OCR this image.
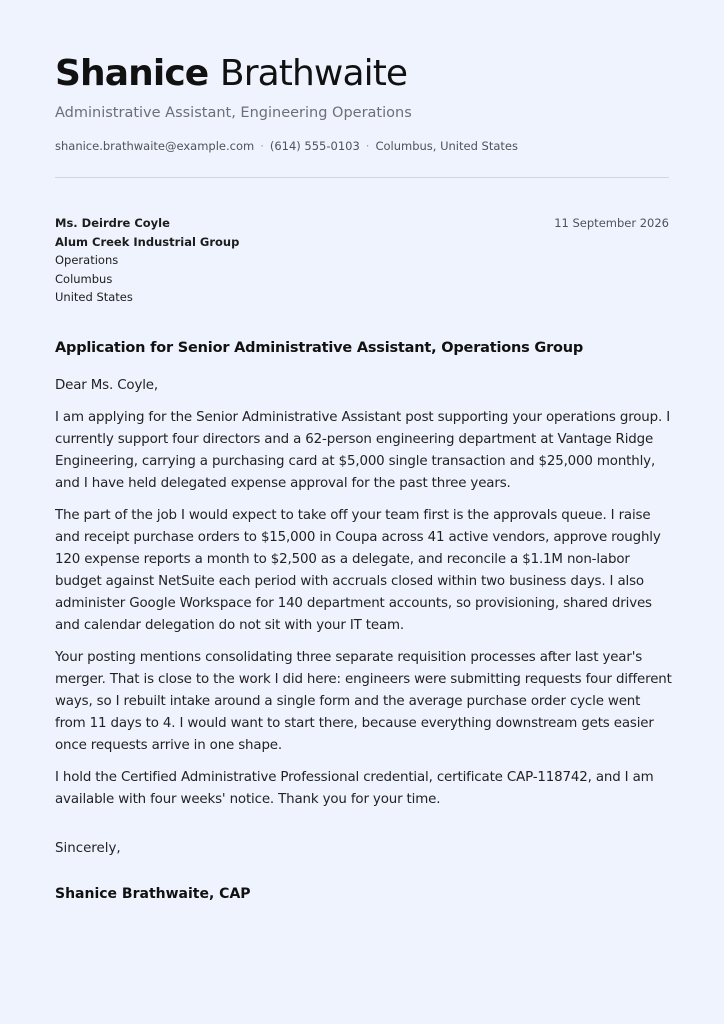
Shanice Brathwaite
Administrative Assistant, Engineering Operations
shanice.brathwaite@example.com · (614) 555-0103 · Columbus, United States
Ms. Deirdre Coyle
Alum Creek Industrial Group
Operations
Columbus
United States
11 September 2026
Application for Senior Administrative Assistant, Operations Group

Dear Ms. Coyle,

I am applying for the Senior Administrative Assistant post supporting your operations group. I currently support four directors and a 62-person engineering department at Vantage Ridge Engineering, carrying a purchasing card at $5,000 single transaction and $25,000 monthly, and I have held delegated expense approval for the past three years.

The part of the job I would expect to take off your team first is the approvals queue. I raise and receipt purchase orders to $15,000 in Coupa across 41 active vendors, approve roughly 120 expense reports a month to $2,500 as a delegate, and reconcile a $1.1M non-labor budget against NetSuite each period with accruals closed within two business days. I also administer Google Workspace for 140 department accounts, so provisioning, shared drives and calendar delegation do not sit with your IT team.

Your posting mentions consolidating three separate requisition processes after last year's merger. That is close to the work I did here: engineers were submitting requests four different ways, so I rebuilt intake around a single form and the average purchase order cycle went from 11 days to 4. I would want to start there, because everything downstream gets easier once requests arrive in one shape.

I hold the Certified Administrative Professional credential, certificate CAP-118742, and I am available with four weeks' notice. Thank you for your time.

Sincerely,
Shanice Brathwaite, CAP
